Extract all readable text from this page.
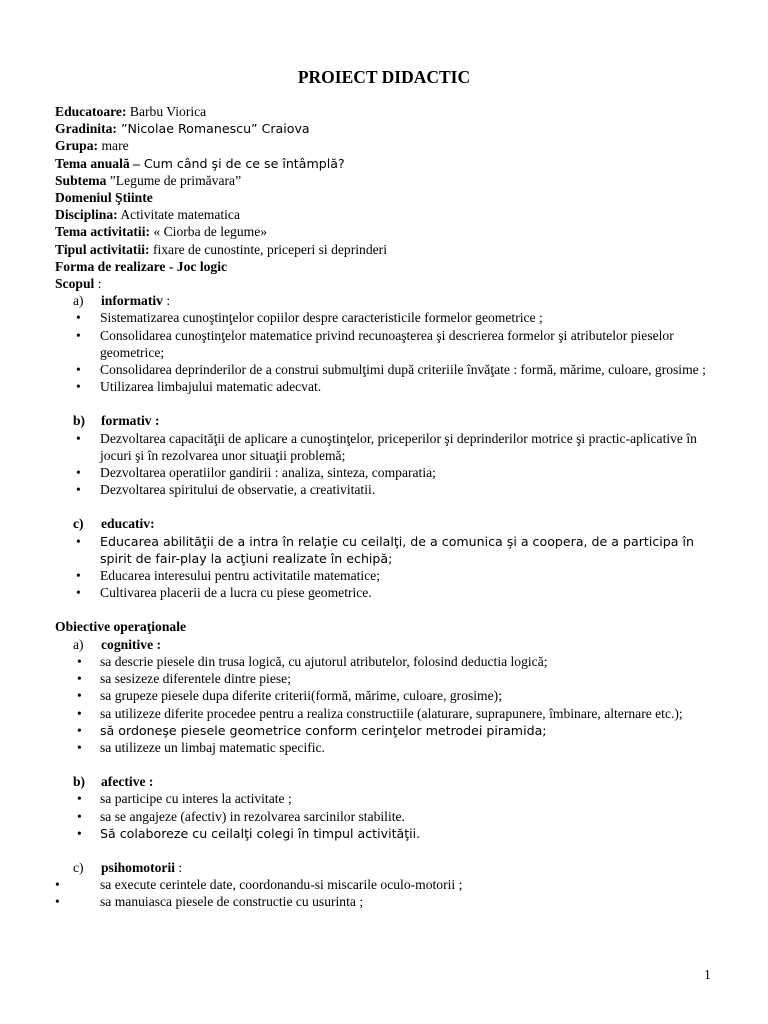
PROIECT DIDACTIC
Educatoare: Barbu Viorica
Gradinita: ”Nicolae Romanescu” Craiova
Grupa: mare
Tema anuală – Cum când şi de ce se întâmplă?
Subtema ”Legume de primăvara”
Domeniul Ştiinte
Disciplina: Activitate matematica
Tema activitatii: « Ciorba de legume»
Tipul activitatii: fixare de cunostinte, priceperi si deprinderi
Forma de realizare - Joc logic
Scopul :
a) informativ :
• Sistematizarea cunoştinţelor copiilor despre caracteristicile formelor geometrice ;
• Consolidarea cunoştinţelor matematice privind recunoaşterea şi descrierea formelor şi atributelor pieselor geometrice;
• Consolidarea deprinderilor de a construi submulţimi după criteriile învăţate : formă, mărime, culoare, grosime ;
• Utilizarea limbajului matematic adecvat.
b) formativ :
• Dezvoltarea capacităţii de aplicare a cunoştinţelor, priceperilor şi deprinderilor motrice şi practic-aplicative în jocuri şi în rezolvarea unor situaţii problemă;
• Dezvoltarea operatiilor gandirii : analiza, sinteza, comparatia;
• Dezvoltarea spiritului de observatie, a creativitatii.
c) educativ:
• Educarea abilităţii de a intra în relaţie cu ceilalţi, de a comunica şi a coopera, de a participa în spirit de fair-play la acţiuni realizate în echipă;
• Educarea interesului pentru activitatile matematice;
• Cultivarea placerii de a lucra cu piese geometrice.
Obiective operaţionale
a) cognitive :
• sa descrie piesele din trusa logică, cu ajutorul atributelor, folosind deductia logică;
• sa sesizeze diferentele dintre piese;
• sa grupeze piesele dupa diferite criterii(formă, mărime, culoare, grosime);
• sa utilizeze diferite procedee pentru a realiza constructiile (alaturare, suprapunere, îmbinare, alternare etc.);
• să ordoneşe piesele geometrice conform cerinţelor metrodei piramida;
• sa utilizeze un limbaj matematic specific.
b) afective :
• sa participe cu interes la activitate ;
• sa se angajeze (afectiv) in rezolvarea sarcinilor stabilite.
• Să colaboreze cu ceilalţi colegi în timpul activităţii.
c) psihomotorii :
•	sa execute cerintele date, coordonandu-si miscarile oculo-motorii ;
•	sa manuiasca piesele de constructie cu usurinta ;
1
